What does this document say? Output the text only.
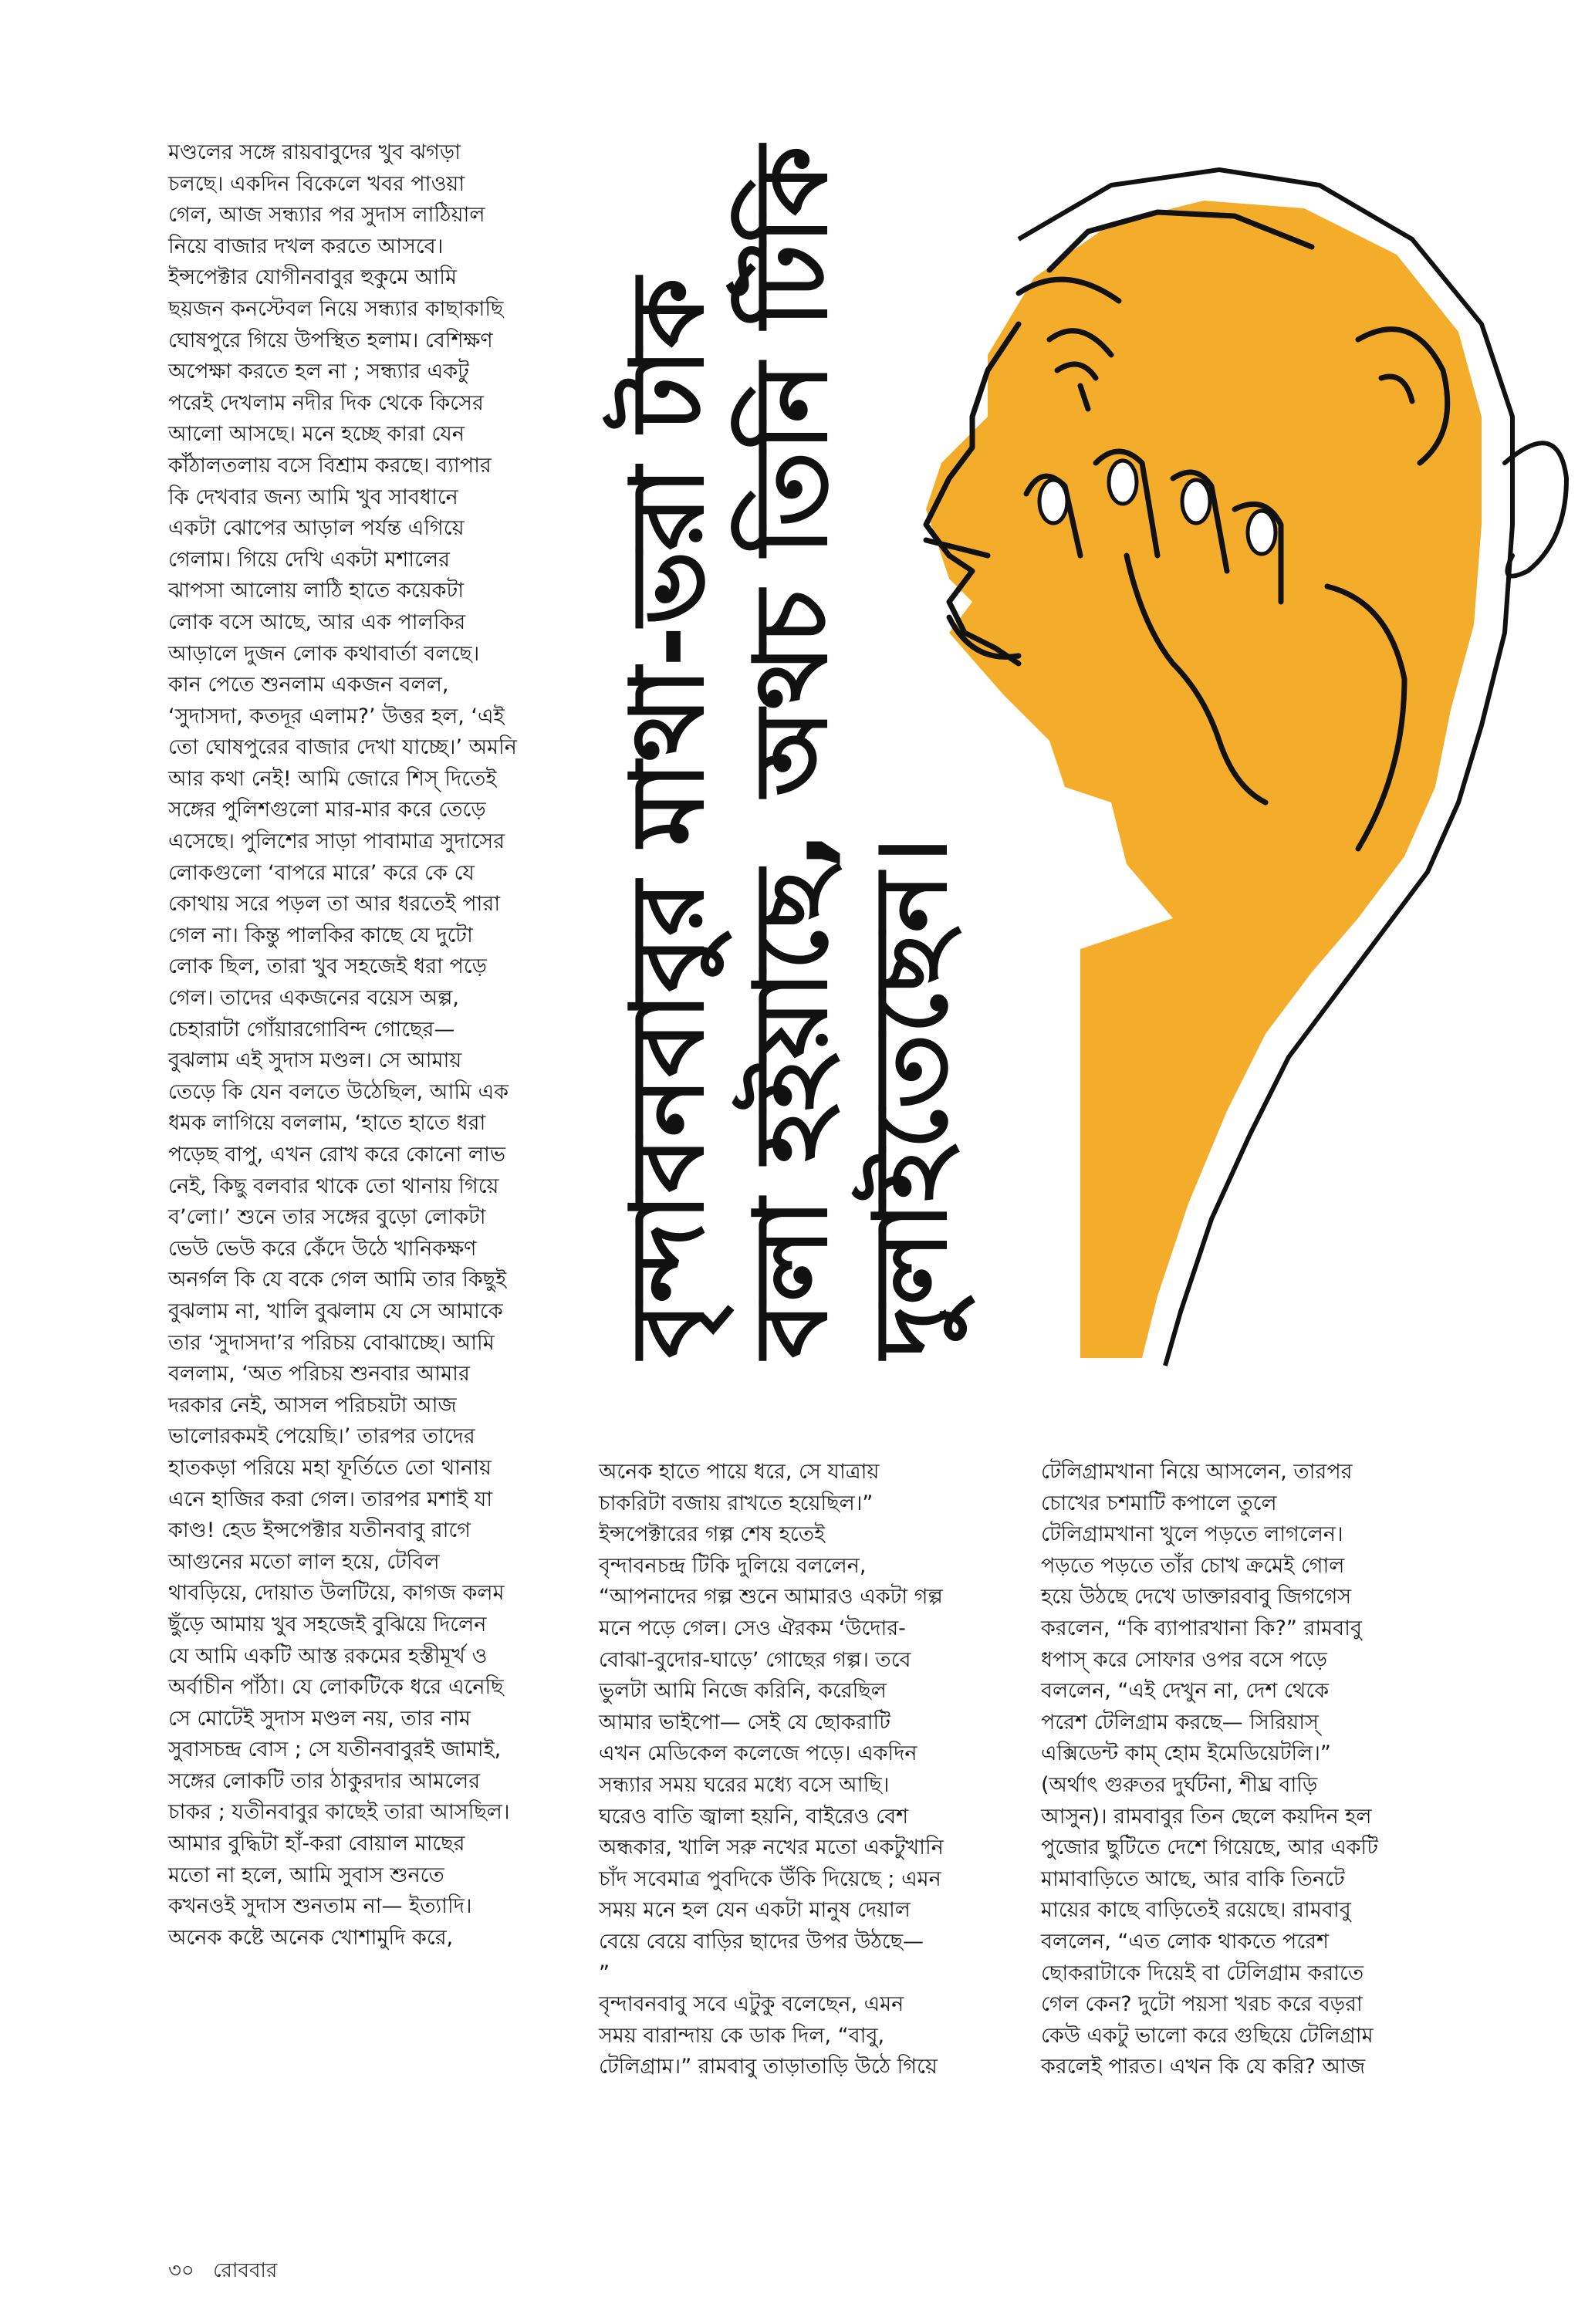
মণ্ডলের সঙ্গে রায়বাবুদের খুব ঝগড়া
চলছে। একদিন বিকেলে খবর পাওয়া
গেল, আজ সন্ধ্যার পর সুদাস লাঠিয়াল
নিয়ে বাজার দখল করতে আসবে।
ইন্সপেক্টার যোগীনবাবুর হুকুমে আমি
ছয়জন কনস্টেবল নিয়ে সন্ধ্যার কাছাকাছি
ঘোষপুরে গিয়ে উপস্থিত হলাম। বেশিক্ষণ
অপেক্ষা করতে হল না ; সন্ধ্যার একটু
পরেই দেখলাম নদীর দিক থেকে কিসের
আলো আসছে। মনে হচ্ছে কারা যেন
কাঁঠালতলায় বসে বিশ্রাম করছে। ব্যাপার
কি দেখবার জন্য আমি খুব সাবধানে
একটা ঝোপের আড়াল পর্যন্ত এগিয়ে
গেলাম। গিয়ে দেখি একটা মশালের
ঝাপসা আলোয় লাঠি হাতে কয়েকটা
লোক বসে আছে, আর এক পালকির
আড়ালে দুজন লোক কথাবার্তা বলছে।
কান পেতে শুনলাম একজন বলল,
‘সুদাসদা, কতদূর এলাম?’ উত্তর হল, ‘এই
তো ঘোষপুরের বাজার দেখা যাচ্ছে।’ অমনি
আর কথা নেই! আমি জোরে শিস্ দিতেই
সঙ্গের পুলিশগুলো মার-মার করে তেড়ে
এসেছে। পুলিশের সাড়া পাবামাত্র সুদাসের
লোকগুলো ‘বাপরে মারে’ করে কে যে
কোথায় সরে পড়ল তা আর ধরতেই পারা
গেল না। কিন্তু পালকির কাছে যে দুটো
লোক ছিল, তারা খুব সহজেই ধরা পড়ে
গেল। তাদের একজনের বয়েস অল্প,
চেহারাটা গোঁয়ারগোবিন্দ গোছের—
বুঝলাম এই সুদাস মণ্ডল। সে আমায়
তেড়ে কি যেন বলতে উঠেছিল, আমি এক
ধমক লাগিয়ে বললাম, ‘হাতে হাতে ধরা
পড়েছ বাপু, এখন রোখ করে কোনো লাভ
নেই, কিছু বলবার থাকে তো থানায় গিয়ে
ব’লো।’ শুনে তার সঙ্গের বুড়ো লোকটা
ভেউ ভেউ করে কেঁদে উঠে খানিকক্ষণ
অনর্গল কি যে বকে গেল আমি তার কিছুই
বুঝলাম না, খালি বুঝলাম যে সে আমাকে
তার ‘সুদাসদা’র পরিচয় বোঝাচ্ছে। আমি
বললাম, ‘অত পরিচয় শুনবার আমার
দরকার নেই, আসল পরিচয়টা আজ
ভালোরকমই পেয়েছি।’ তারপর তাদের
হাতকড়া পরিয়ে মহা ফূর্তিতে তো থানায়
এনে হাজির করা গেল। তারপর মশাই যা
কাণ্ড! হেড ইন্সপেক্টার যতীনবাবু রাগে
আগুনের মতো লাল হয়ে, টেবিল
থাবড়িয়ে, দোয়াত উলটিয়ে, কাগজ কলম
ছুঁড়ে আমায় খুব সহজেই বুঝিয়ে দিলেন
যে আমি একটি আস্ত রকমের হস্তীমূর্খ ও
অর্বাচীন পাঁঠা। যে লোকটিকে ধরে এনেছি
সে মোটেই সুদাস মণ্ডল নয়, তার নাম
সুবাসচন্দ্র বোস ; সে যতীনবাবুরই জামাই,
সঙ্গের লোকটি তার ঠাকুরদার আমলের
চাকর ; যতীনবাবুর কাছেই তারা আসছিল।
আমার বুদ্ধিটা হাঁ-করা বোয়াল মাছের
মতো না হলে, আমি সুবাস শুনতে
কখনওই সুদাস শুনতাম না— ইত্যাদি।
অনেক কষ্টে অনেক খোশামুদি করে,
বৃন্দাবনবাবুর মাথা-ভরা টাক বলা হইয়াছে, অথচ তিনি টিকি দুলাইতেছেন।
অনেক হাতে পায়ে ধরে, সে যাত্রায়
চাকরিটা বজায় রাখতে হয়েছিল।”
ইন্সপেক্টারের গল্প শেষ হতেই
বৃন্দাবনচন্দ্র টিকি দুলিয়ে বললেন,
“আপনাদের গল্প শুনে আমারও একটা গল্প
মনে পড়ে গেল। সেও ঐরকম ‘উদোর-
বোঝা-বুদোর-ঘাড়ে’ গোছের গল্প। তবে
ভুলটা আমি নিজে করিনি, করেছিল
আমার ভাইপো— সেই যে ছোকরাটি
এখন মেডিকেল কলেজে পড়ে। একদিন
সন্ধ্যার সময় ঘরের মধ্যে বসে আছি।
ঘরেও বাতি জ্বালা হয়নি, বাইরেও বেশ
অন্ধকার, খালি সরু নখের মতো একটুখানি
চাঁদ সবেমাত্র পুবদিকে উঁকি দিয়েছে ; এমন
সময় মনে হল যেন একটা মানুষ দেয়াল
বেয়ে বেয়ে বাড়ির ছাদের উপর উঠছে—
”
বৃন্দাবনবাবু সবে এটুকু বলেছেন, এমন
সময় বারান্দায় কে ডাক দিল, “বাবু,
টেলিগ্রাম।” রামবাবু তাড়াতাড়ি উঠে গিয়ে
টেলিগ্রামখানা নিয়ে আসলেন, তারপর
চোখের চশমাটি কপালে তুলে
টেলিগ্রামখানা খুলে পড়তে লাগলেন।
পড়তে পড়তে তাঁর চোখ ক্রমেই গোল
হয়ে উঠছে দেখে ডাক্তারবাবু জিগগেস
করলেন, “কি ব্যাপারখানা কি?” রামবাবু
ধপাস্ করে সোফার ওপর বসে পড়ে
বললেন, “এই দেখুন না, দেশ থেকে
পরেশ টেলিগ্রাম করছে— সিরিয়াস্
এক্সিডেন্ট কাম্ হোম ইমেডিয়েটলি।”
(অর্থাৎ গুরুতর দুর্ঘটনা, শীঘ্র বাড়ি
আসুন)। রামবাবুর তিন ছেলে কয়দিন হল
পুজোর ছুটিতে দেশে গিয়েছে, আর একটি
মামাবাড়িতে আছে, আর বাকি তিনটে
মায়ের কাছে বাড়িতেই রয়েছে। রামবাবু
বললেন, “এত লোক থাকতে পরেশ
ছোকরাটাকে দিয়েই বা টেলিগ্রাম করাতে
গেল কেন? দুটো পয়সা খরচ করে বড়রা
কেউ একটু ভালো করে গুছিয়ে টেলিগ্রাম
করলেই পারত। এখন কি যে করি? আজ
৩০ রোববার
